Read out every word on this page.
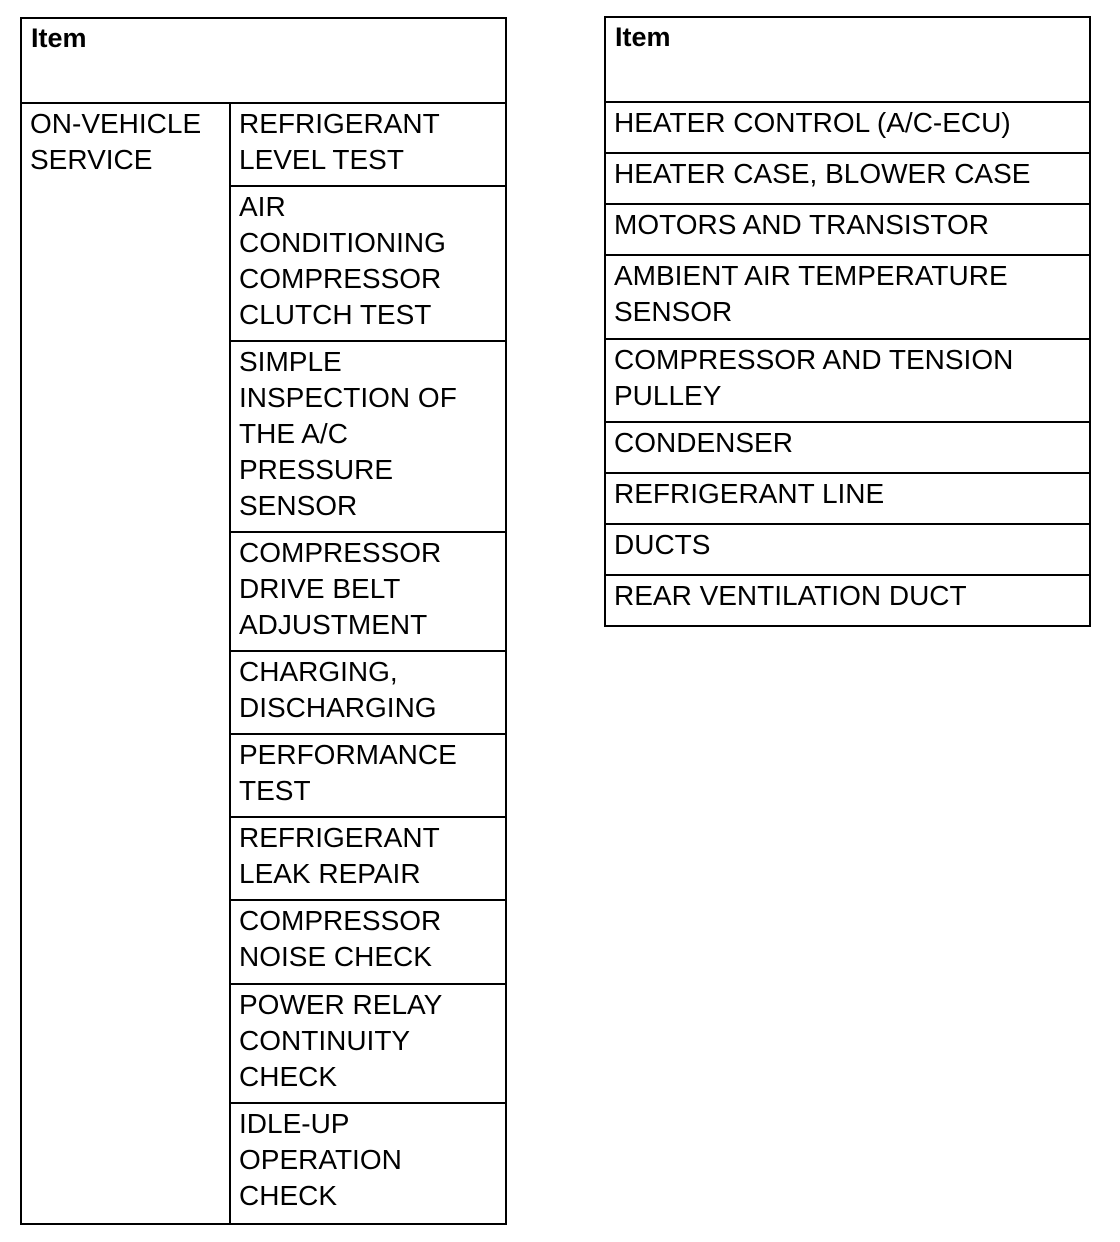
Item
ON-VEHICLE SERVICE
REFRIGERANT LEVEL TEST
AIR CONDITIONING COMPRESSOR CLUTCH TEST
SIMPLE INSPECTION OF THE A/C PRESSURE SENSOR
COMPRESSOR DRIVE BELT ADJUSTMENT
CHARGING, DISCHARGING
PERFORMANCE TEST
REFRIGERANT LEAK REPAIR
COMPRESSOR NOISE CHECK
POWER RELAY CONTINUITY CHECK
IDLE-UP OPERATION CHECK
Item
HEATER CONTROL (A/C-ECU)
HEATER CASE, BLOWER CASE
MOTORS AND TRANSISTOR
AMBIENT AIR TEMPERATURE SENSOR
COMPRESSOR AND TENSION PULLEY
CONDENSER
REFRIGERANT LINE
DUCTS
REAR VENTILATION DUCT
